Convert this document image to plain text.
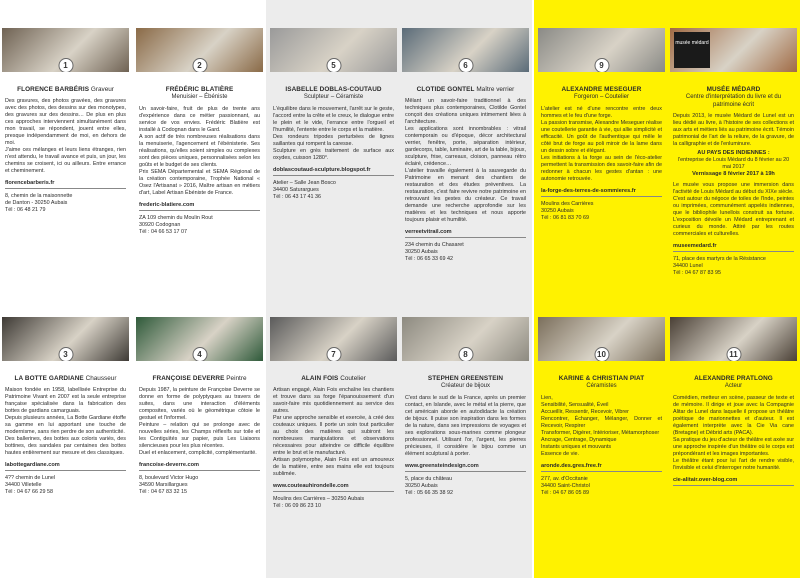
1
FLORENCE BARBÉRIS Graveur
Des gravures, des photos gravées, des gravures avec des photos, des dessins sur des monotypes, des gravures sur des dessins… De plus en plus ces approches interviennent simultanément dans mon travail, se répondent, jouent entre elles, presque indépendamment de moi, en dehors de moi.
J'aime ces mélanges et leurs liens étranges, rien n'est attendu, le travail avance et puis, un jour, les chemins se croisent, ici ou ailleurs. Entre errance et cheminement.
florencebarberis.fr
8, chemin de la maisonnette
de Danton - 30250 Aubais
Tél : 06 48 21 79
2
FRÉDÉRIC BLATIÈRE
Menuisier – Ébéniste
Un savoir-faire, fruit de plus de trente ans d'expérience dans ce métier passionnant, au service de vos envies. Frédéric Blatière est installé à Codognan dans le Gard.
A son actif de très nombreuses réalisations dans la menuiserie, l'agencement et l'ébénisterie. Ses réalisations, qu'elles soient simples ou complexes sont des pièces uniques, personnalisées selon les goûts et le budget de ses clients.
Prix SEMA Départemental et SEMA Régional de la création contemporaine, Trophée National « Osez l'Artisanat » 2016, Maître artisan en métiers d'art, Label Artisan Ébéniste de France.
frederic-blatiere.com
ZA 109 chemin du Moulin Rout
30920 Codognan
Tél : 04 66 53 17 07
5
ISABELLE DOBLAS-COUTAUD
Sculpteur – Céramiste
L'équilibre dans le mouvement, l'arrêt sur le geste, l'accord entre la crête et le creux, le dialogue entre le plein et le vide, l'errance entre l'orgueil et l'humilité, l'entente entre le corps et la matière.
Des rondeurs tripodes perturbées de lignes saillantes qui rompent la caresse.
Sculpture en grès traitement de surface aux oxydes, cuisson 1280°.
doblascoutaud-sculpture.blogspot.fr
Atelier – Salle Jean Bosco
34400 Saturargues
Tél : 06 43 17 41 36
6
CLOTIDE GONTEL Maître verrier
Mêlant un savoir-faire traditionnel à des techniques plus contemporaines, Clotilde Gontel conçoit des créations uniques intimement liées à l'architecture.
Les applications sont innombrables : vitrail contemporain ou d'époque, décor architectural verrier, fenêtre, porte, séparation intérieur, gardecorps, table, luminaire, art de la table, bijoux, sculpture, frise, carreaux, cloison, panneau rétro éclairé, crédence…
L'atelier travaille également à la sauvegarde du Patrimoine en menant des chantiers de restauration et des études préventives. La restauration, c'est faire revivre notre patrimoine en retrouvant les gestes du créateur. Ce travail demande une recherche approfondie sur les matières et les techniques et nous apporte toujours plaisir et humilité.
verreetvitrail.com
234 chemin du Chasaret
30250 Aubais
Tél : 06 65 33 69 42
9
ALEXANDRE MESEGUER
Forgeron – Coutelier
L'atelier est né d'une rencontre entre deux hommes et le feu d'une forge.
La passion transmise, Alexandre Meseguer réalise une coutellerie garantie à vie, qui allie simplicité et efficacité. Un goût de l'authentique qui mêle le côté brut de forge au poli miroir de la lame dans un dessin sobre et élégant.
Les initiations à la forge au sein de l'éco-atelier permettent la transmission des savoir-faire afin de redonner à chacun les gestes d'antan : une autonomie retrouvée.
la-forge-des-terres-de-sommieres.fr
Moulins des Carrières
30250 Aubais
Tél : 06 81 83 70 69
musée médard
MUSÉE MÉDARD
Centre d'interprétation du livre et du patrimoine écrit
Depuis 2013, le musée Médard de Lunel est un lieu dédié au livre, à l'histoire de ses collections et aux arts et métiers liés au patrimoine écrit. Témoin patrimonial de l'art de la reliure, de la gravure, de la calligraphie et de l'enluminure.
AU PAYS DES INDIENNES :
l'entreprise de Louis Médard du 8 février au 20 mai 2017
Vernissage 8 février 2017 à 19h
Le musée vous propose une immersion dans l'activité de Louis Médard au début du XIXe siècle.
C'est autour du négoce de toiles de l'Inde, peintes ou imprimées, communément appelés indiennes, que le bibliophile lunellois construit sa fortune. L'exposition dévoile un Médard entreprenant et curieux du monde. Attiré par les routes commerciales et culturelles.
museemedard.fr
71, place des martyrs de la Résistance
34400 Lunel
Tél : 04 67 87 83 95
3
LA BOTTE GARDIANE Chausseur
Maison fondée en 1958, labellisée Entreprise du Patrimoine Vivant en 2007 est la seule entreprise française spécialisée dans la fabrication des bottes de gardians camarguais.
Depuis plusieurs années, La Botte Gardiane étoffe sa gamme en lui apportant une touche de modernisme, sans rien perdre de son authenticité.
Des ballerines, des bottes aux coloris variés, des bottines, des sandales par centaines des bottes hautes entièrement sur mesure et des classiques.
labottegardiane.com
4?? chemin de Lunel
34400 Villetelle
Tél : 04 67 66 29 58
4
FRANÇOISE DEVERRE Peintre
Depuis 1987, la peinture de Françoise Deverre se donne en forme de polyptyques au travers de suites, dans une interaction d'éléments composites, variés où le géométrique côtoie le gestuel et l'informel.
Peinture – relation qui se prolonge avec de nouvelles séries, les Champs réflexifs sur toile et les Contiguïtés sur papier, puis Les Liaisons silencieuses pour les plus récentes.
Duel et enlacement, complicité, complémentarité.
francoise-deverre.com
8, boulevard Victor Hugo
34590 Marsillargues
Tél : 04 67 83 32 15
7
ALAIN FOIS Coutelier
Artisan engagé, Alain Fois enchaîne les chantiers et trouve dans sa forge l'épanouissement d'un savoir-faire mis quotidiennement au service des autres.
Par une approche sensible et exercée, à créé des couteaux uniques. Il porte un soin tout particulier au choix des matières qui subiront les nombreuses manipulations et observations nécessaires pour atteindre ce difficile équilibre entre le brut et le manufacturé.
Artisan polymorphe, Alain Fois est un amoureux de la matière, entre ses mains elle est toujours sublimée.
www.couteauhirondelle.com
Moulins des Carrières – 30250 Aubais
Tél : 06 09 86 23 10
8
STEPHEN GREENSTEIN
Créateur de bijoux
C'est dans le sud de la France, après un premier contact, en Islande, avec le métal et la pierre, que cet américain aborde en autodidacte la création de bijoux. Il puise son inspiration dans les formes de la nature, dans ses impressions de voyages et ses explorations sous-marines comme plongeur professionnel. Utilisant l'or, l'argent, les pierres précieuses, il considère le bijou comme un élément sculptural à porter.
www.greensteindesign.com
5, place du château
30250 Aubais
Tél : 05 66 35 38 92
10
KARINE & CHRISTIAN PIAT
Céramistes
Lien,
Sensibilité, Sensualité, Éveil
Accueillir, Ressentir, Recevoir, Vibrer
Rencontrer, Échanger, Mélanger, Donner et Recevoir, Respirer
Transformer, Digérer, Intérioriser, Métamorphoser
Ancrage, Centrage, Dynamique
Instants uniques et mouvants
Essence de vie.
aronde.des.gres.free.fr
277, av. d'Occitanie
34400 Saint-Christol
Tél : 04 67 86 05 89
11
ALEXANDRE PRATLONG
Acteur
Comédien, metteur en scène, passeur de texte et de mémoire. Il dirige et joue avec la Compagnie Alitar de Lunel dans laquelle il propose un théâtre poétique de marionnettes et d'auteur. Il est également interprète avec la Cie Via cane (Bretagne) et Débrid arts (PACA).
Sa pratique du jeu d'acteur de théâtre est axée sur une approche inspirée d'un théâtre où le corps est prépondérant et les images importantes.
Le théâtre étant pour lui l'art de rendre visible, l'invisible et celui d'interroger notre humanité.
cie-alitair.over-blog.com
